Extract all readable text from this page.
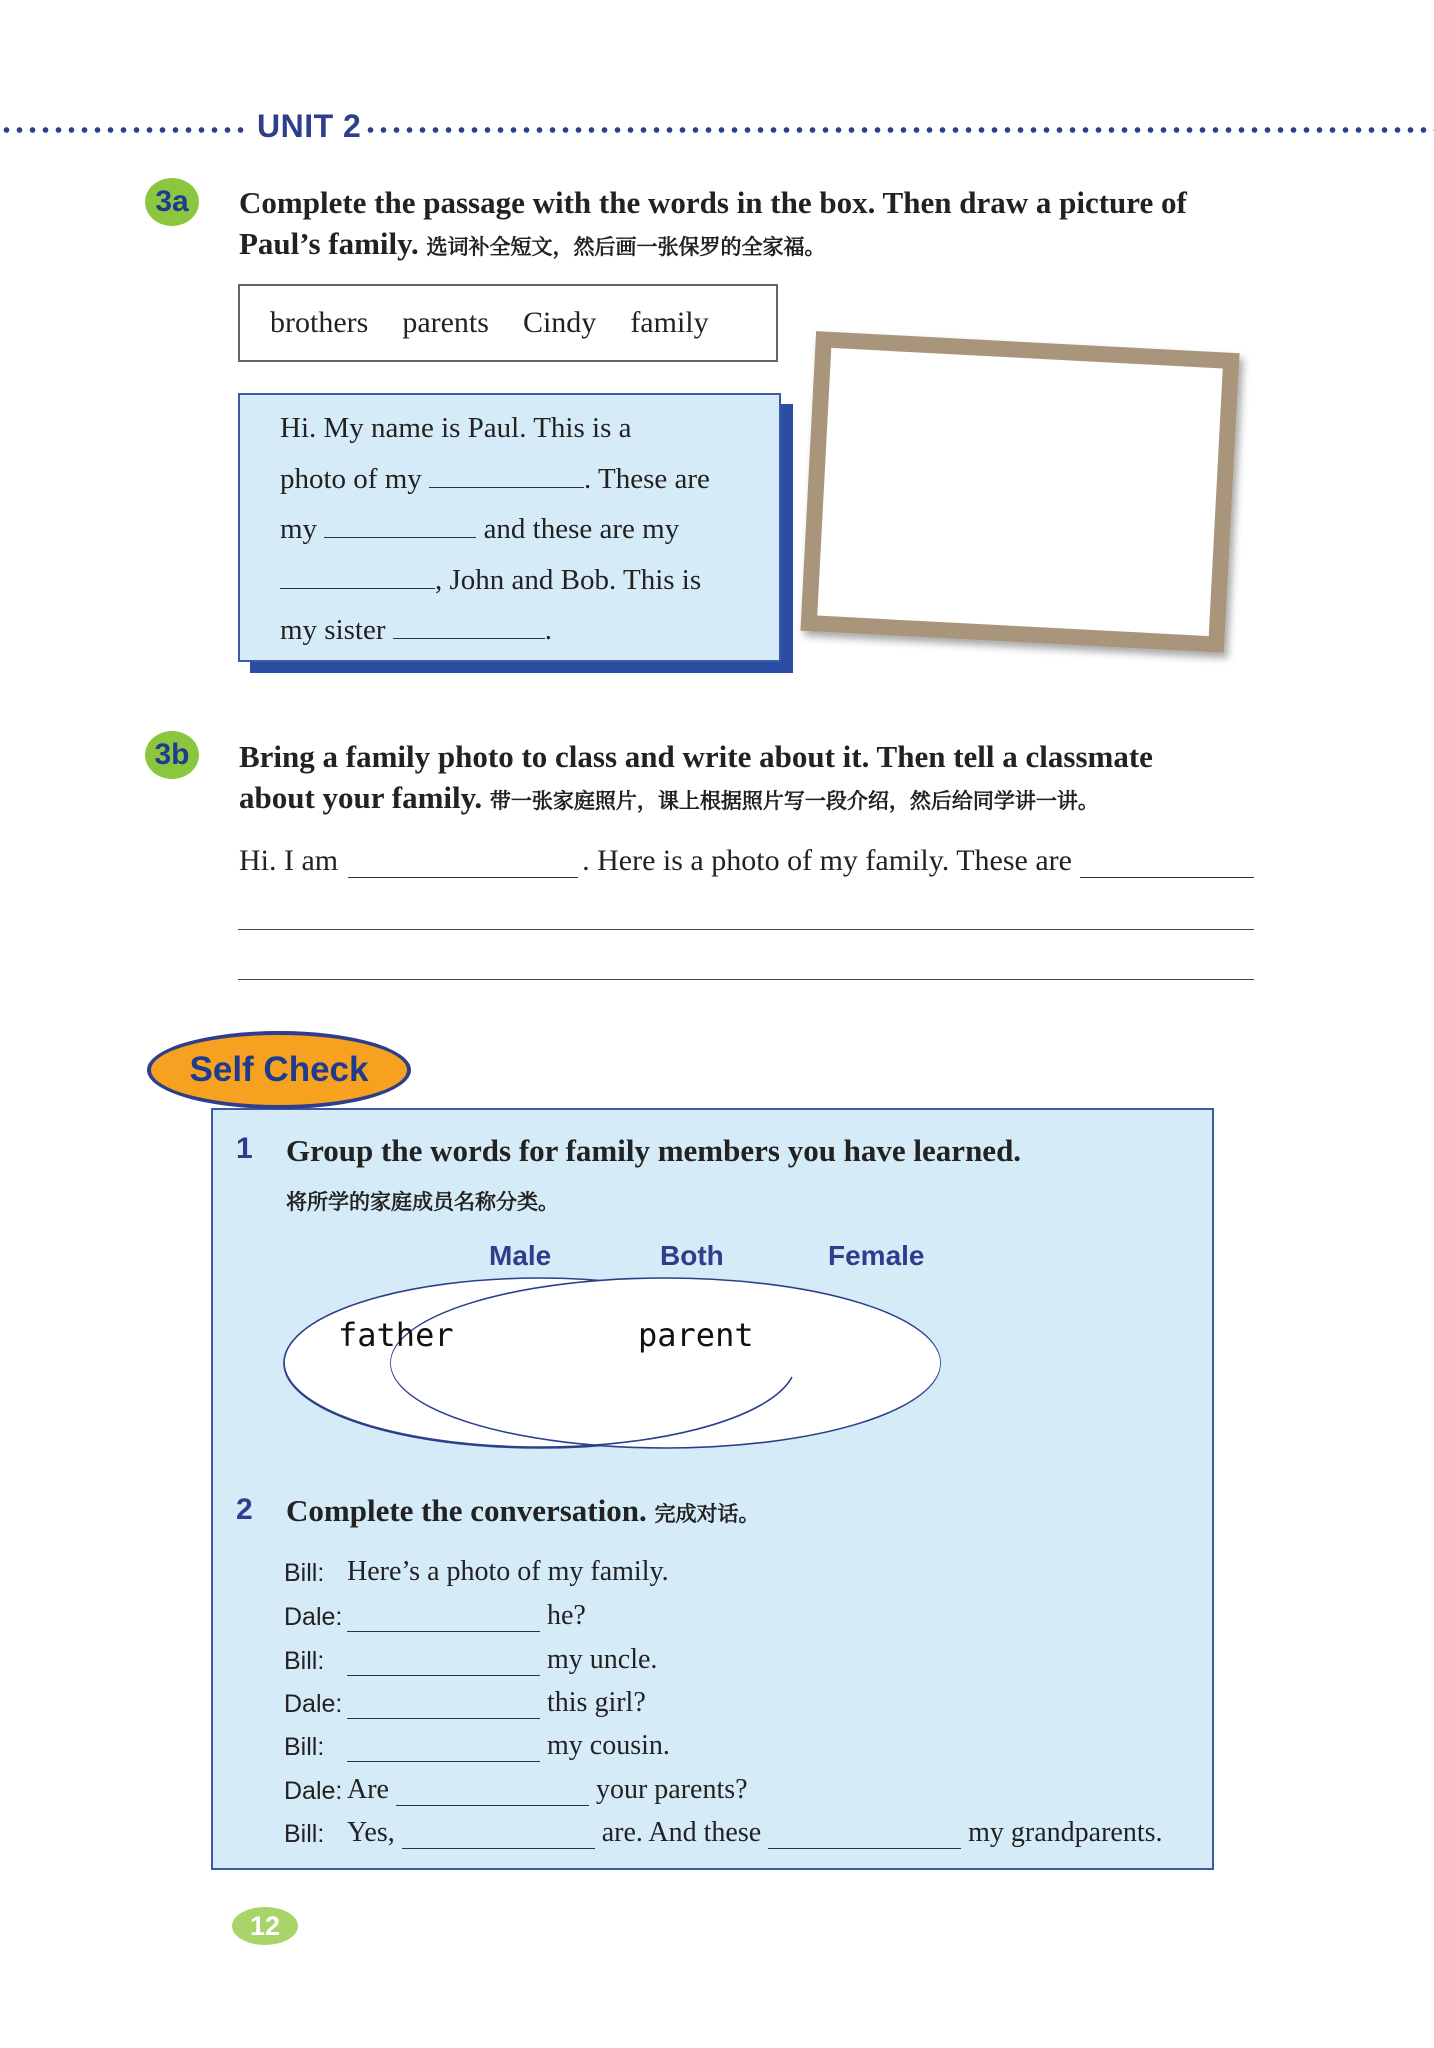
UNIT 2
3a	Complete the passage with the words in the box. Then draw a picture of
Paul’s family. 选词补全短文，然后画一张保罗的全家福。
brothers parents Cindy family
Hi. My name is Paul. This is a
photo of my	. These are
my	and these are my
, John and Bob. This is
my sister	.
3b	Bring a family photo to class and write about it. Then tell a classmate
about your family. 带一张家庭照片，课上根据照片写一段介绍，然后给同学讲一讲。
Hi. I am	. Here is a photo of my family. These are
Self Check
1 Group the words for family members you have learned.
将所学的家庭成员名称分类。
Male	Both	Female
father	parent
2 Complete the conversation. 完成对话。
Bill: Here’s a photo of my family.
Dale:	he?
Bill:	my uncle.
Dale:	this girl?
Bill:	my cousin.
Dale: Are	your parents?
Bill: Yes,	are. And these	my grandparents.
12
